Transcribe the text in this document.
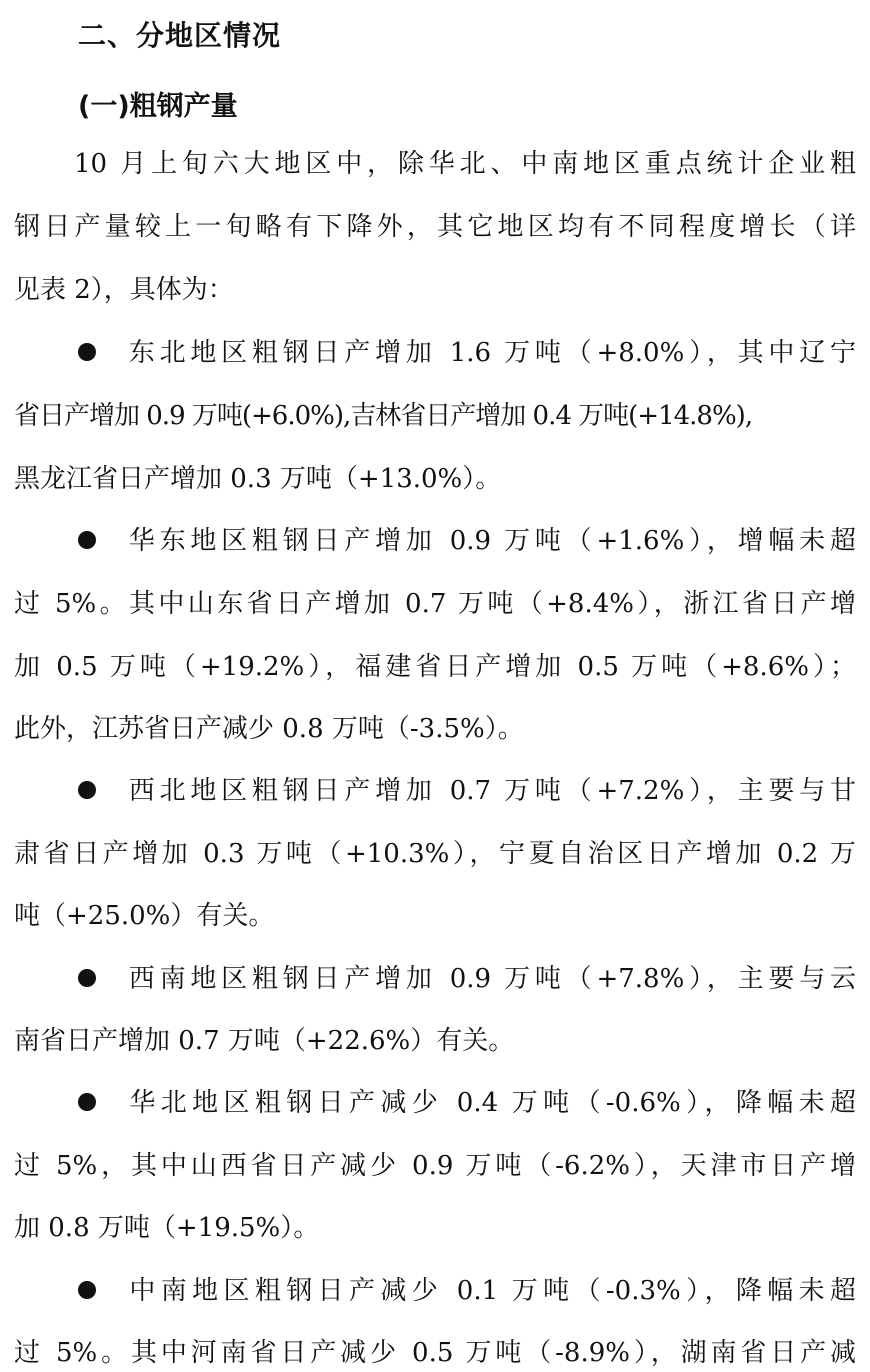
二、分地区情况
(一)粗钢产量
10 月上旬六大地区中，除华北、中南地区重点统计企业粗
钢日产量较上一旬略有下降外，其它地区均有不同程度增长（详
见表 2），具体为：
东北地区粗钢日产增加 1.6 万吨（+8.0%），其中辽宁
省日产增加 0.9 万吨(+6.0%),吉林省日产增加 0.4 万吨(+14.8%),
黑龙江省日产增加 0.3 万吨（+13.0%）。
华东地区粗钢日产增加 0.9 万吨（+1.6%），增幅未超
过 5%。其中山东省日产增加 0.7 万吨（+8.4%），浙江省日产增
加 0.5 万吨（+19.2%），福建省日产增加 0.5 万吨（+8.6%）；
此外，江苏省日产减少 0.8 万吨（-3.5%）。
西北地区粗钢日产增加 0.7 万吨（+7.2%），主要与甘
肃省日产增加 0.3 万吨（+10.3%），宁夏自治区日产增加 0.2 万
吨（+25.0%）有关。
西南地区粗钢日产增加 0.9 万吨（+7.8%），主要与云
南省日产增加 0.7 万吨（+22.6%）有关。
华北地区粗钢日产减少 0.4 万吨（-0.6%），降幅未超
过 5%，其中山西省日产减少 0.9 万吨（-6.2%），天津市日产增
加 0.8 万吨（+19.5%）。
中南地区粗钢日产减少 0.1 万吨（-0.3%），降幅未超
过 5%。其中河南省日产减少 0.5 万吨（-8.9%），湖南省日产减
